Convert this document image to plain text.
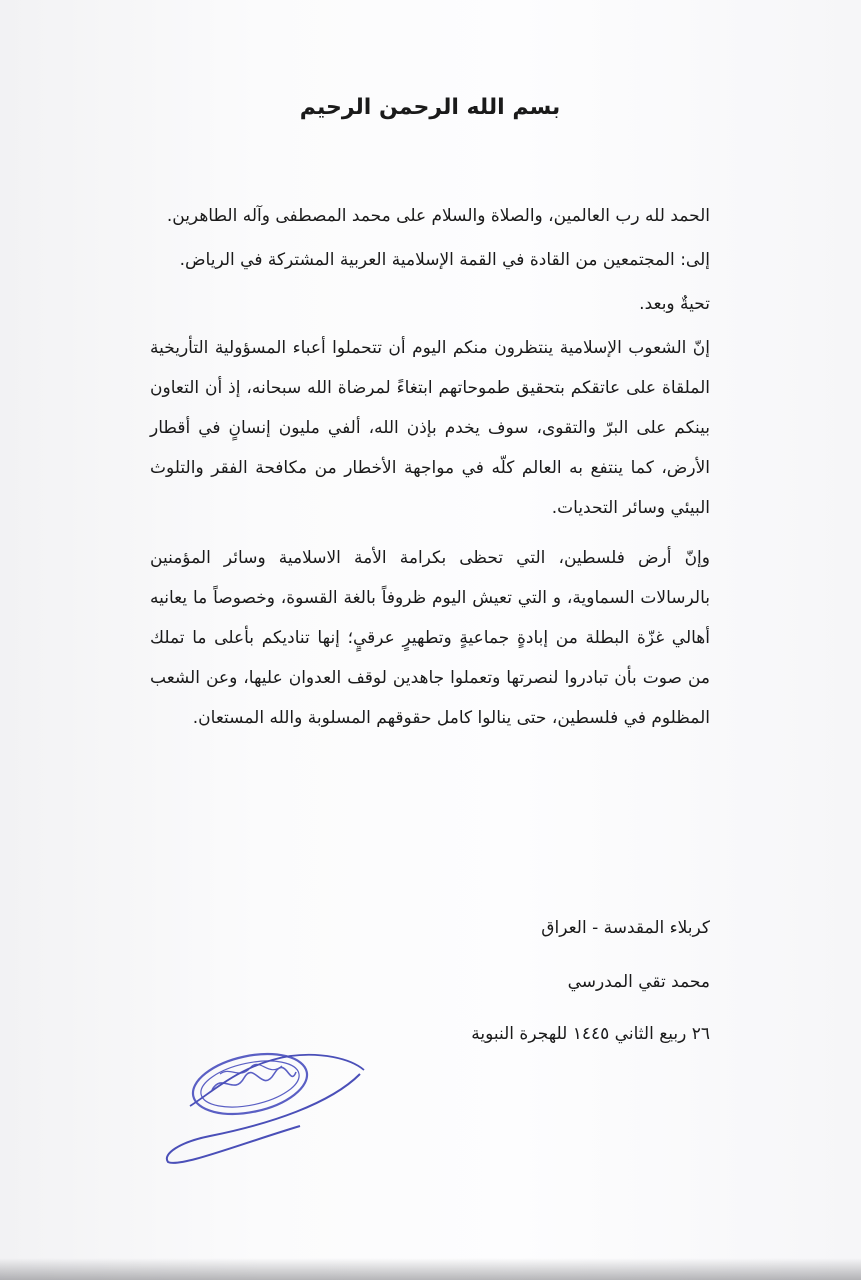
بسم الله الرحمن الرحيم

الحمد لله رب العالمين، والصلاة والسلام على محمد المصطفى وآله الطاهرين.

إلى: المجتمعين من القادة في القمة الإسلامية العربية المشتركة في الرياض.

تحيةٌ وبعد.

إنّ الشعوب الإسلامية ينتظرون منكم اليوم أن تتحملوا أعباء المسؤولية التأريخية الملقاة على عاتقكم بتحقيق طموحاتهم ابتغاءً لمرضاة الله سبحانه، إذ أن التعاون بينكم على البرّ والتقوى، سوف يخدم بإذن الله، ألفي مليون إنسانٍ في أقطار الأرض، كما ينتفع به العالم كلّه في مواجهة الأخطار من مكافحة الفقر والتلوث البيئي وسائر التحديات.

وإنّ أرض فلسطين، التي تحظى بكرامة الأمة الاسلامية وسائر المؤمنين بالرسالات السماوية، و التي تعيش اليوم ظروفاً بالغة القسوة، وخصوصاً ما يعانيه أهالي غزّة البطلة من إبادةٍ جماعيةٍ وتطهيرٍ عرقيٍ؛ إنها تناديكم بأعلى ما تملك من صوت بأن تبادروا لنصرتها وتعملوا جاهدين لوقف العدوان عليها، وعن الشعب المظلوم في فلسطين، حتى ينالوا كامل حقوقهم المسلوبة والله المستعان.

كربلاء المقدسة - العراق
محمد تقي المدرسي
٢٦ ربيع الثاني ١٤٤٥ للهجرة النبوية
